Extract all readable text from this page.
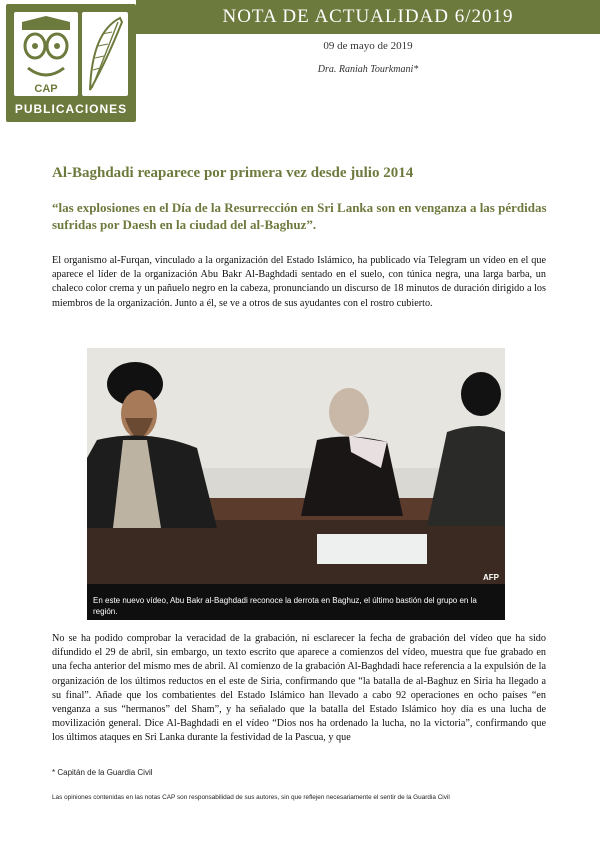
CAP
PUBLICACIONES
NOTA DE ACTUALIDAD 6/2019
09 de mayo de 2019
Dra. Raniah Tourkmani*
Al-Baghdadi reaparece por primera vez desde julio 2014
“las explosiones en el Día de la Resurrección en Sri Lanka son en venganza a las pérdidas sufridas por Daesh en la ciudad del al-Baghuz”.
El organismo al-Furqan, vinculado a la organización del Estado Islámico, ha publicado vía Telegram un vídeo en el que aparece el líder de la organización Abu Bakr Al-Baghdadi sentado en el suelo, con túnica negra, una larga barba, un chaleco color crema y un pañuelo negro en la cabeza, pronunciando un discurso de 18 minutos de duración dirigido a los miembros de la organización. Junto a él, se ve a otros de sus ayudantes con el rostro cubierto.
AFP
En este nuevo vídeo, Abu Bakr al-Baghdadi reconoce la derrota en Baghuz, el último bastión del grupo en la región.
No se ha podido comprobar la veracidad de la grabación, ni esclarecer la fecha de grabación del vídeo que ha sido difundido el 29 de abril, sin embargo, un texto escrito que aparece a comienzos del vídeo, muestra que fue grabado en una fecha anterior del mismo mes de abril. Al comienzo de la grabación Al-Baghdadi hace referencia a la expulsión de la organización de los últimos reductos en el este de Siria, confirmando que “la batalla de al-Baghuz en Siria ha llegado a su final”. Añade que los combatientes del Estado Islámico han llevado a cabo 92 operaciones en ocho países “en venganza a sus “hermanos” del Sham”, y ha señalado que la batalla del Estado Islámico hoy día es una lucha de movilización general. Dice Al-Baghdadi en el vídeo “Dios nos ha ordenado la lucha, no la victoria”, confirmando que los últimos ataques en Sri Lanka durante la festividad de la Pascua, y que
* Capitán de la Guardia Civil
Las opiniones contenidas en las notas CAP son responsabilidad de sus autores, sin que reflejen necesariamente el sentir de la Guardia Civil
